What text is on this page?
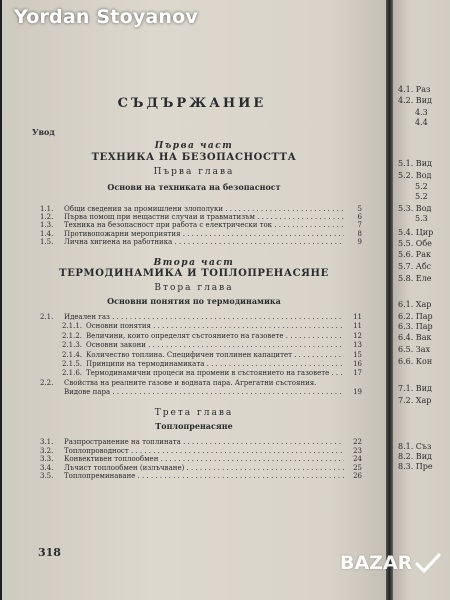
СЪДЪРЖАНИЕ
Увод
Първа част
ТЕХНИКА НА БЕЗОПАСНОСТТА
Първа глава
Основи на техниката на безопасност
1.1.	Общи сведения за промишлени злополуки . . .	5
1.2.	Първа помощ при нещастни случаи и травматизъм . . .	6
1.3.	Техника на безопасност при работа с електрически ток . . .	7
1.4.	Противопожарни мероприятия . . .	8
1.5.	Лична хигиена на работника . . .	9
Втора част
ТЕРМОДИНАМИКА И ТОПЛОПРЕНАСЯНЕ
Втора глава
Основни понятия по термодинамика
2.1.	Идеален газ . . .	11
2.1.1. Основни понятия . . .	11
2.1.2. Величини, които определят състоянието на газовете . . .	12
2.1.3. Основни закони . . .	13
2.1.4. Количество топлина. Специфичен топлинен капацитет . . .	15
2.1.5. Принципи на термодинамиката . . .	16
2.1.6. Термодинамични процеси на промени в състоянието на газовете . . .	17
2.2.	Свойства на реалните газове и водната пара. Агрегатни състояния.
Видове пара . . .	19
Трета глава
Топлопренасяне
3.1.	Разпространение на топлината . . .	22
3.2.	Топлопроводност . . .	23
3.3.	Конвективен топлообмен . . .	24
3.4.	Лъчист топлообмен (излъчване) . . .	25
3.5.	Топлопреминаване . . .	26
318
4.1. Раз
4.2. Вид
4.3
4.4
5.1. Вид
5.2. Вод
5.2
5.2
5.3. Вод
5.3
5.4. Цир
5.5. Обе
5.6. Рак
5.7. Абс
5.8. Еле
6.1. Хар
6.2. Пар
6.3. Пар
6.4. Вак
6.5. Зах
6.6. Кон
7.1. Вид
7.2. Хар
8.1. Съз
8.2. Вид
8.3. Пре
Yordan Stoyanov
BAZAR
